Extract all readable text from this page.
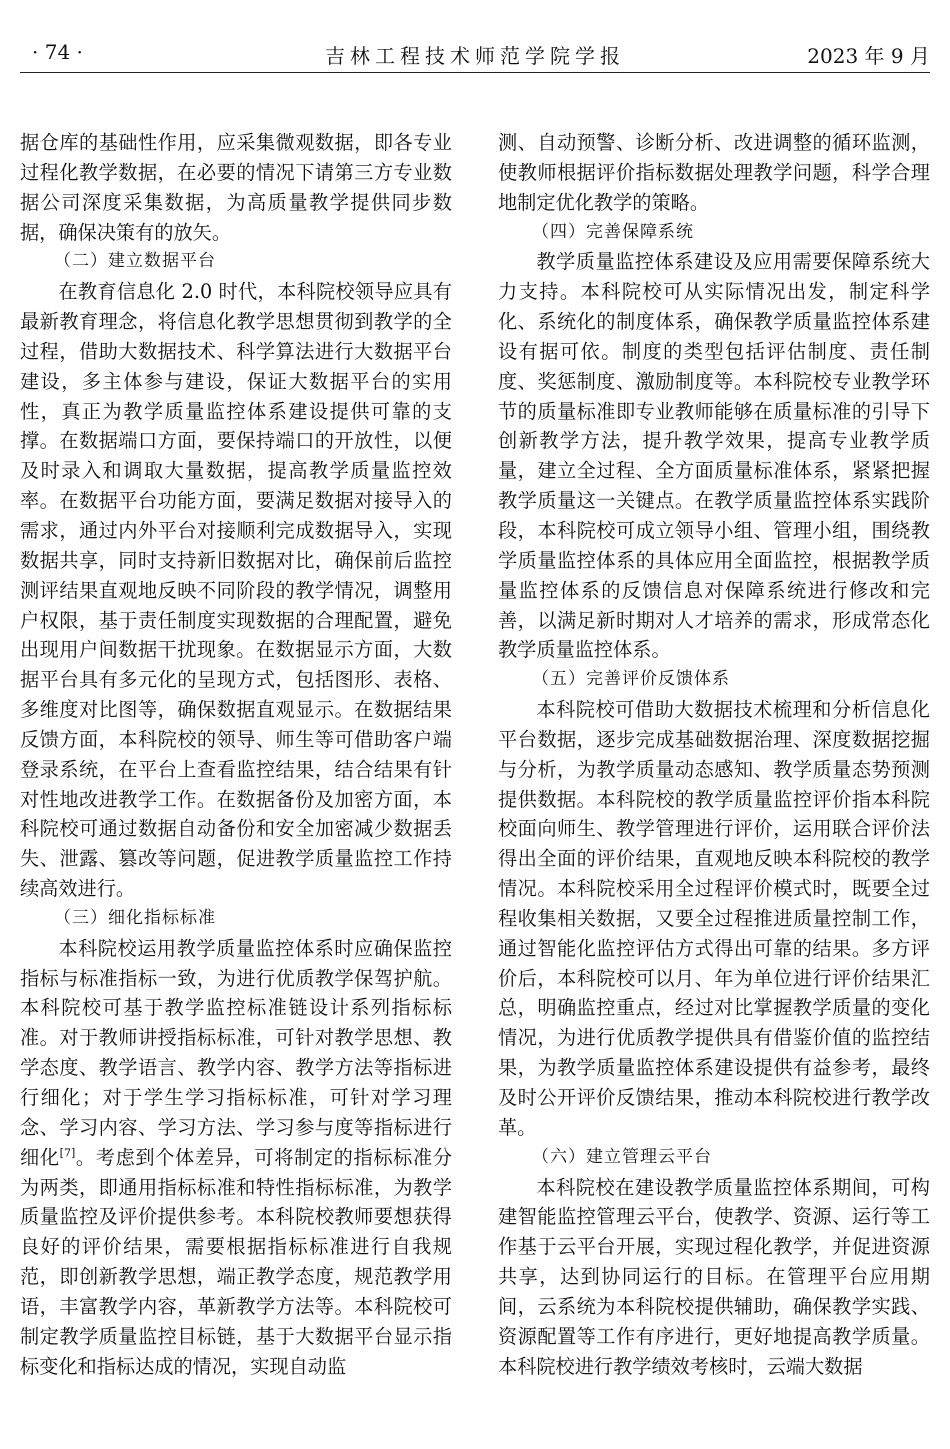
· 74 ·	吉林工程技术师范学院学报	2023 年 9 月

据仓库的基础性作用，应采集微观数据，即各专业过程化教学数据，在必要的情况下请第三方专业数据公司深度采集数据，为高质量教学提供同步数据，确保决策有的放矢。

（二）建立数据平台

在教育信息化 2.0 时代，本科院校领导应具有最新教育理念，将信息化教学思想贯彻到教学的全过程，借助大数据技术、科学算法进行大数据平台建设，多主体参与建设，保证大数据平台的实用性，真正为教学质量监控体系建设提供可靠的支撑。在数据端口方面，要保持端口的开放性，以便及时录入和调取大量数据，提高教学质量监控效率。在数据平台功能方面，要满足数据对接导入的需求，通过内外平台对接顺利完成数据导入，实现数据共享，同时支持新旧数据对比，确保前后监控测评结果直观地反映不同阶段的教学情况，调整用户权限，基于责任制度实现数据的合理配置，避免出现用户间数据干扰现象。在数据显示方面，大数据平台具有多元化的呈现方式，包括图形、表格、多维度对比图等，确保数据直观显示。在数据结果反馈方面，本科院校的领导、师生等可借助客户端登录系统，在平台上查看监控结果，结合结果有针对性地改进教学工作。在数据备份及加密方面，本科院校可通过数据自动备份和安全加密减少数据丢失、泄露、篡改等问题，促进教学质量监控工作持续高效进行。

（三）细化指标标准

本科院校运用教学质量监控体系时应确保监控指标与标准指标一致，为进行优质教学保驾护航。本科院校可基于教学监控标准链设计系列指标标准。对于教师讲授指标标准，可针对教学思想、教学态度、教学语言、教学内容、教学方法等指标进行细化；对于学生学习指标标准，可针对学习理念、学习内容、学习方法、学习参与度等指标进行细化[7]。考虑到个体差异，可将制定的指标标准分为两类，即通用指标标准和特性指标标准，为教学质量监控及评价提供参考。本科院校教师要想获得良好的评价结果，需要根据指标标准进行自我规范，即创新教学思想，端正教学态度，规范教学用语，丰富教学内容，革新教学方法等。本科院校可制定教学质量监控目标链，基于大数据平台显示指标变化和指标达成的情况，实现自动监

测、自动预警、诊断分析、改进调整的循环监测，使教师根据评价指标数据处理教学问题，科学合理地制定优化教学的策略。

（四）完善保障系统

教学质量监控体系建设及应用需要保障系统大力支持。本科院校可从实际情况出发，制定科学化、系统化的制度体系，确保教学质量监控体系建设有据可依。制度的类型包括评估制度、责任制度、奖惩制度、激励制度等。本科院校专业教学环节的质量标准即专业教师能够在质量标准的引导下创新教学方法，提升教学效果，提高专业教学质量，建立全过程、全方面质量标准体系，紧紧把握教学质量这一关键点。在教学质量监控体系实践阶段，本科院校可成立领导小组、管理小组，围绕教学质量监控体系的具体应用全面监控，根据教学质量监控体系的反馈信息对保障系统进行修改和完善，以满足新时期对人才培养的需求，形成常态化教学质量监控体系。

（五）完善评价反馈体系

本科院校可借助大数据技术梳理和分析信息化平台数据，逐步完成基础数据治理、深度数据挖掘与分析，为教学质量动态感知、教学质量态势预测提供数据。本科院校的教学质量监控评价指本科院校面向师生、教学管理进行评价，运用联合评价法得出全面的评价结果，直观地反映本科院校的教学情况。本科院校采用全过程评价模式时，既要全过程收集相关数据，又要全过程推进质量控制工作，通过智能化监控评估方式得出可靠的结果。多方评价后，本科院校可以月、年为单位进行评价结果汇总，明确监控重点，经过对比掌握教学质量的变化情况，为进行优质教学提供具有借鉴价值的监控结果，为教学质量监控体系建设提供有益参考，最终及时公开评价反馈结果，推动本科院校进行教学改革。

（六）建立管理云平台

本科院校在建设教学质量监控体系期间，可构建智能监控管理云平台，使教学、资源、运行等工作基于云平台开展，实现过程化教学，并促进资源共享，达到协同运行的目标。在管理平台应用期间，云系统为本科院校提供辅助，确保教学实践、资源配置等工作有序进行，更好地提高教学质量。本科院校进行教学绩效考核时，云端大数据
